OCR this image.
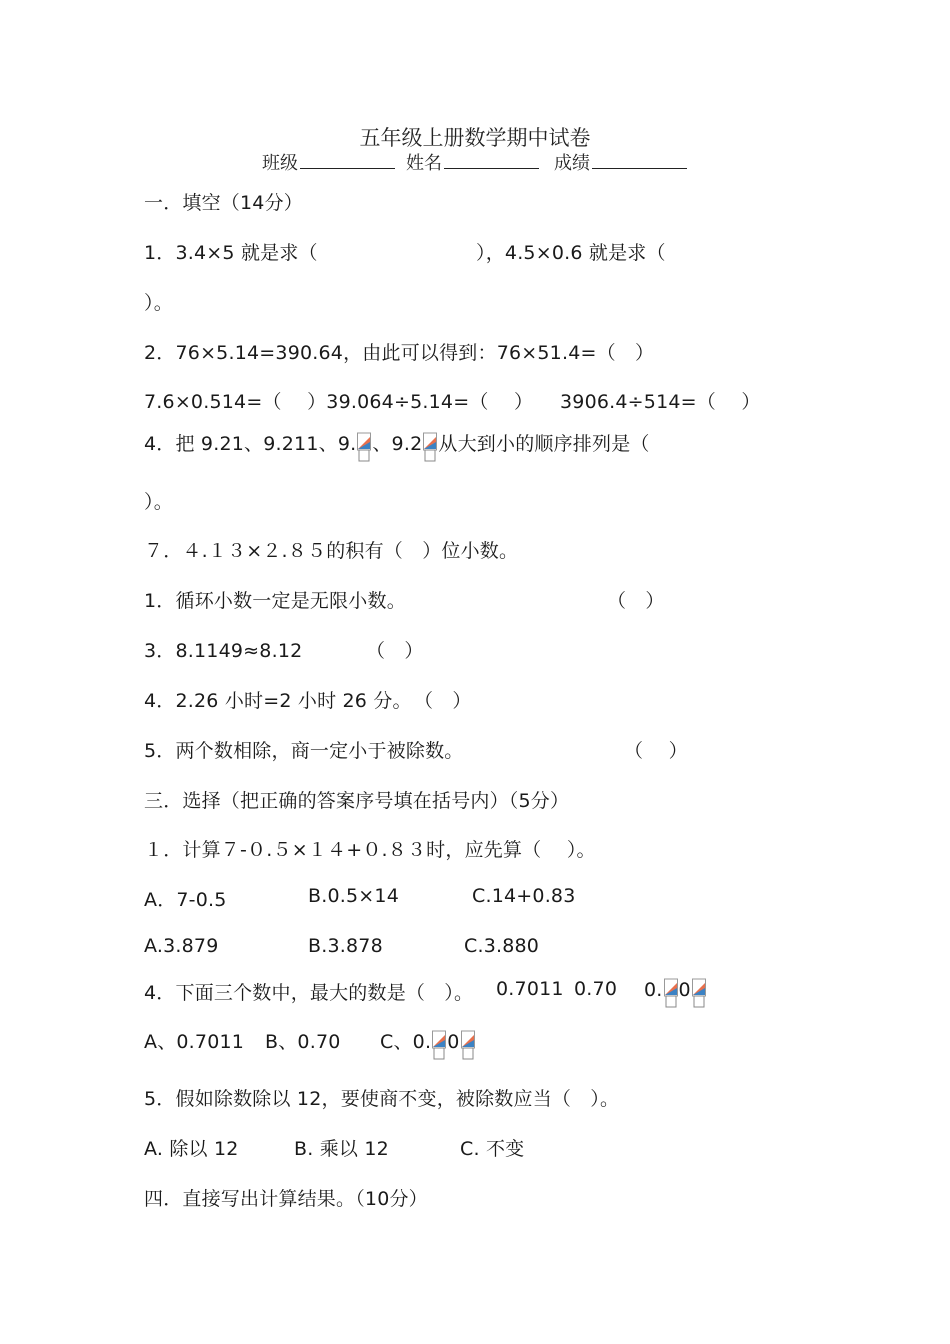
五年级上册数学期中试卷
班级	姓名	成绩
一．填空（14分）
1．3.4×5 就是求（	），4.5×0.6 就是求（
）。
2．76×5.14=390.64，由此可以得到：76×51.4=（　）
7.6×0.514=（　 ）39.064÷5.14=（　 ） 3906.4÷514=（　 ）
4．把 9.21、9.211、9. 、9.2 从大到小的顺序排列是（
）。
７．４.１３×２.８５的积有（　）位小数。
1．循环小数一定是无限小数。	（　）
3．8.1149≈8.12	（　）
4．2.26 小时=2 小时 26 分。 （　）
5．两个数相除，商一定小于被除数。	（　 ）
三．选择（把正确的答案序号填在括号内）（5分）
１．计算７-０.５×１４+０.８３时，应先算（　 ）。
A．7-0.5	B.0.5×14	C.14+0.83
A.3.879	B.3.878	C.3.880
4．下面三个数中，最大的数是（　）。 0.7011 0.70 0. 0
A、0.7011 B、0.70 C、0. 0
5．假如除数除以 12，要使商不变，被除数应当（　）。
A. 除以 12	B. 乘以 12	C. 不变
四．直接写出计算结果。（10分）
